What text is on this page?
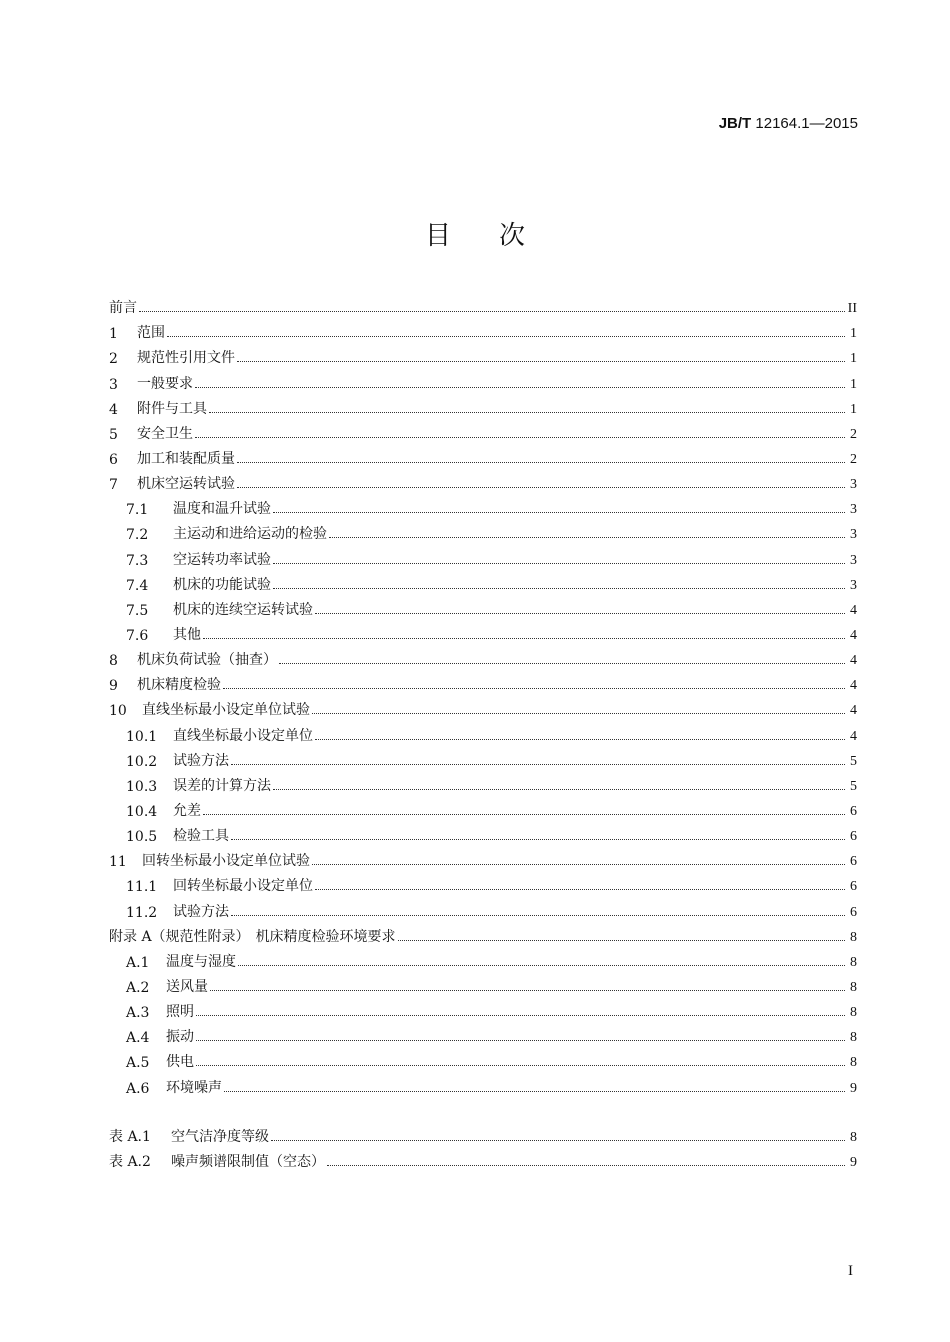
JB/T 12164.1—2015
目次
前言	II
1	范围	1
2	规范性引用文件	1
3	一般要求	1
4	附件与工具	1
5	安全卫生	2
6	加工和装配质量	2
7	机床空运转试验	3
7.1	温度和温升试验	3
7.2	主运动和进给运动的检验	3
7.3	空运转功率试验	3
7.4	机床的功能试验	3
7.5	机床的连续空运转试验	4
7.6	其他	4
8	机床负荷试验（抽查）	4
9	机床精度检验	4
10	直线坐标最小设定单位试验	4
10.1	直线坐标最小设定单位	4
10.2	试验方法	5
10.3	误差的计算方法	5
10.4	允差	6
10.5	检验工具	6
11	回转坐标最小设定单位试验	6
11.1	回转坐标最小设定单位	6
11.2	试验方法	6
附录 A（规范性附录） 机床精度检验环境要求	8
A.1	温度与湿度	8
A.2	送风量	8
A.3	照明	8
A.4	振动	8
A.5	供电	8
A.6	环境噪声	9
表 A.1	空气洁净度等级	8
表 A.2	噪声频谱限制值（空态）	9
I
